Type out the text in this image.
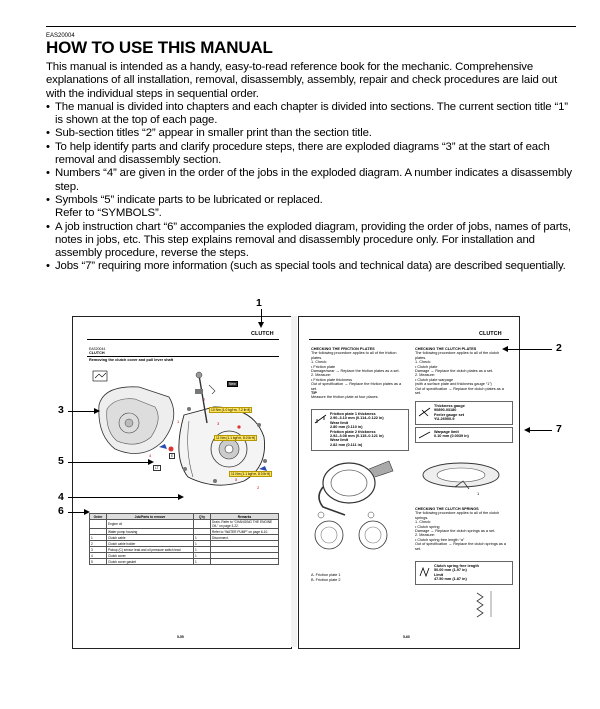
EAS20004
HOW TO USE THIS MANUAL

This manual is intended as a handy, easy-to-read reference book for the mechanic. Comprehensive explanations of all installation, removal, disassembly, assembly, repair and check procedures are laid out with the individual steps in sequential order.

• The manual is divided into chapters and each chapter is divided into sections. The current section title “1” is shown at the top of each page.
• Sub-section titles “2” appear in smaller print than the section title.
• To help identify parts and clarify procedure steps, there are exploded diagrams “3” at the start of each removal and disassembly section.
• Numbers “4” are given in the order of the jobs in the exploded diagram. A number indicates a disassembly step.
• Symbols “5” indicate parts to be lubricated or replaced.
Refer to “SYMBOLS”.
• A job instruction chart “6” accompanies the exploded diagram, providing the order of jobs, names of parts, notes in jobs, etc. This step explains removal and disassembly procedure only. For installation and assembly procedure, reverse the steps.
• Jobs “7” requiring more information (such as special tools and technical data) are described sequentially.
1
CLUTCH
EAS20044
CLUTCH
Removing the clutch cover and pull lever shaft
1
2
3
4
5
2
10 Nm (1.0 kgf·m, 7.2 lb·ft)
11 Nm (1.1 kgf·m, 8.0 lb·ft)
11 Nm (1.1 kgf·m, 8.0 lb·ft)
New
LT
E
Order	Job/Parts to remove	Q'ty	Remarks
	Engine oil		Drain. Refer to “CHANGING THE ENGINE OIL” on page 3-22.
	Water pump housing		Refer to “WATER PUMP” on page 6-10.
1	Clutch cable	1	Disconnect.
2	Clutch cable holder	1	
3	Pickup (C) sensor lead and oil pressure switch lead	1	
4	Clutch cover	1	
5	Clutch cover gasket	1	
5-55
CLUTCH
CHECKING THE FRICTION PLATES
The following procedure applies to all of the friction plates.
1. Check:
• Friction plate
Damage/wear → Replace the friction plates as a set.
2. Measure:
• Friction plate thickness
Out of specification → Replace the friction plates as a set.
TIP
Measure the friction plate at four places.
Friction plate 1 thickness
2.90–3.10 mm (0.114–0.122 in)
Wear limit
2.80 mm (0.110 in)
Friction plate 2 thickness
2.92–3.08 mm (0.115–0.121 in)
Wear limit
2.82 mm (0.111 in)
A. Friction plate 1
B. Friction plate 2
CHECKING THE CLUTCH PLATES
The following procedure applies to all of the clutch plates.
1. Check:
• Clutch plate
Damage → Replace the clutch plates as a set.
2. Measure:
• Clutch plate warpage
(with a surface plate and thickness gauge “1”)
Out of specification → Replace the clutch plates as a set.
Thickness gauge
90890-03180
Feeler gauge set
YU-26900-9
Warpage limit
0.10 mm (0.0039 in)
1
CHECKING THE CLUTCH SPRINGS
The following procedure applies to all of the clutch springs.
1. Check:
• Clutch spring
Damage → Replace the clutch springs as a set.
2. Measure:
• Clutch spring free length “a”
Out of specification → Replace the clutch springs as a set.
Clutch spring free length
50.00 mm (1.97 in)
Limit
47.50 mm (1.87 in)
5-60
2
3
5
7
4
6
